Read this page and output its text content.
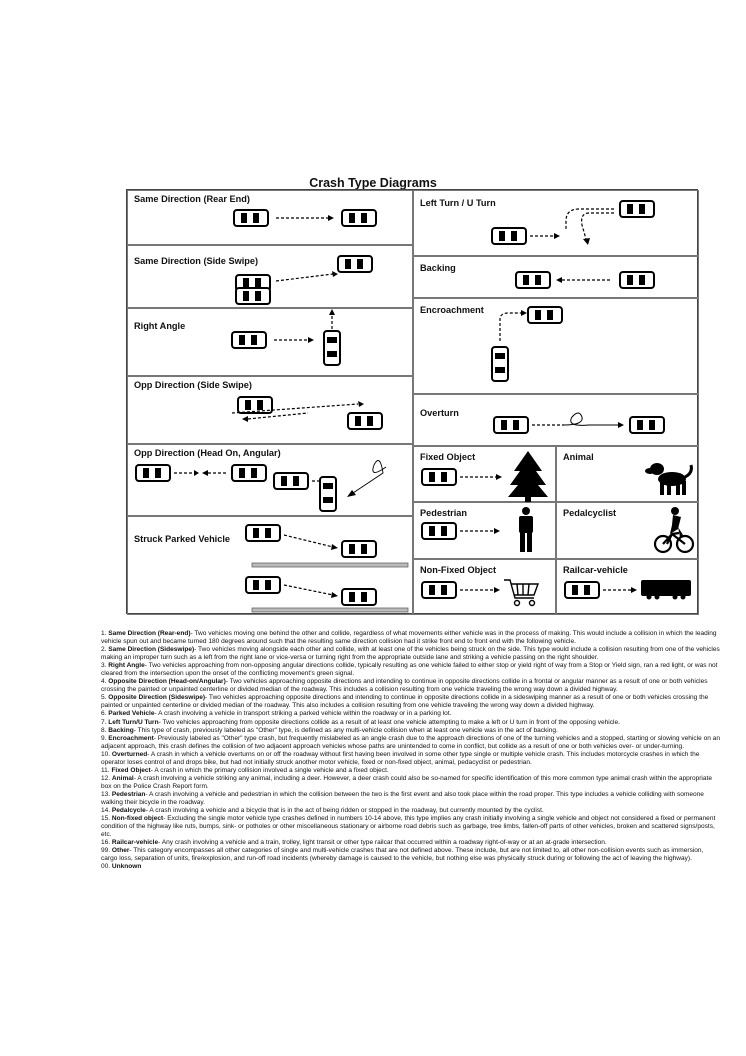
Crash Type Diagrams
Same Direction (Rear End)
Same Direction (Side Swipe)
Right Angle
Opp Direction (Side Swipe)
Opp Direction (Head On, Angular)
Struck Parked Vehicle
Left Turn / U Turn
Backing
Encroachment
Overturn
Fixed Object	Animal
Pedestrian	Pedalcyclist
Non-Fixed Object	Railcar-vehicle

1. Same Direction (Rear-end)- Two vehicles moving one behind the other and collide, regardless of what movements either vehicle was in the process of making. This would include a collision in which the leading vehicle spun out and became turned 180 degrees around such that the resulting same direction collision had it strike front end to front end with the following vehicle.

2. Same Direction (Sideswipe)- Two vehicles moving alongside each other and collide, with at least one of the vehicles being struck on the side. This type would include a collision resulting from one of the vehicles making an improper turn such as a left from the right lane or vice-versa or turning right from the appropriate outside lane and striking a vehicle passing on the right shoulder.

3. Right Angle- Two vehicles approaching from non-opposing angular directions collide, typically resulting as one vehicle failed to either stop or yield right of way from a Stop or Yield sign, ran a red light, or was not cleared from the intersection upon the onset of the conflicting movement's green signal.

4. Opposite Direction (Head-on/Angular)- Two vehicles approaching opposite directions and intending to continue in opposite directions collide in a frontal or angular manner as a result of one or both vehicles crossing the painted or unpainted centerline or divided median of the roadway. This includes a collision resulting from one vehicle traveling the wrong way down a divided highway.

5. Opposite Direction (Sideswipe)- Two vehicles approaching opposite directions and intending to continue in opposite directions collide in a sideswiping manner as a result of one or both vehicles crossing the painted or unpainted centerline or divided median of the roadway. This also includes a collision resulting from one vehicle traveling the wrong way down a divided highway.

6. Parked Vehicle- A crash involving a vehicle in transport striking a parked vehicle within the roadway or in a parking lot.

7. Left Turn/U Turn- Two vehicles approaching from opposite directions collide as a result of at least one vehicle attempting to make a left or U turn in front of the opposing vehicle.

8. Backing- This type of crash, previously labeled as "Other" type, is defined as any multi-vehicle collision when at least one vehicle was in the act of backing.

9. Encroachment- Previously labeled as "Other" type crash, but frequently mislabeled as an angle crash due to the approach directions of one of the turning vehicles and a stopped, starting or slowing vehicle on an adjacent approach, this crash defines the collision of two adjacent approach vehicles whose paths are unintended to come in conflict, but collide as a result of one or both vehicles over- or under-turning.

10. Overturned- A crash in which a vehicle overturns on or off the roadway without first having been involved in some other type single or multiple vehicle crash. This includes motorcycle crashes in which the operator loses control of and drops bike, but had not initially struck another motor vehicle, fixed or non-fixed object, animal, pedacyclist or pedestrian.

11. Fixed Object- A crash in which the primary collision involved a single vehicle and a fixed object.

12. Animal- A crash involving a vehicle striking any animal, including a deer. However, a deer crash could also be so-named for specific identification of this more common type animal crash within the appropriate box on the Police Crash Report form.

13. Pedestrian- A crash involving a vehicle and pedestrian in which the collision between the two is the first event and also took place within the road proper. This type includes a vehicle colliding with someone walking their bicycle in the roadway.

14. Pedalcycle- A crash involving a vehicle and a bicycle that is in the act of being ridden or stopped in the roadway, but currently mounted by the cyclist.

15. Non-fixed object- Excluding the single motor vehicle type crashes defined in numbers 10-14 above, this type implies any crash initially involving a single vehicle and object not considered a fixed or permanent condition of the highway like ruts, bumps, sink- or potholes or other miscellaneous stationary or airborne road debris such as garbage, tree limbs, fallen-off parts of other vehicles, broken and scattered signs/posts, etc.

16. Railcar-vehicle- Any crash involving a vehicle and a train, trolley, light transit or other type railcar that occurred within a roadway right-of-way or at an at-grade intersection.

99. Other- This category encompasses all other categories of single and multi-vehicle crashes that are not defined above. These include, but are not limited to, all other non-collision events such as immersion, cargo loss, separation of units, fire/explosion, and run-off road incidents (whereby damage is caused to the vehicle, but nothing else was physically struck during or following the act of leaving the highway).

00. Unknown
